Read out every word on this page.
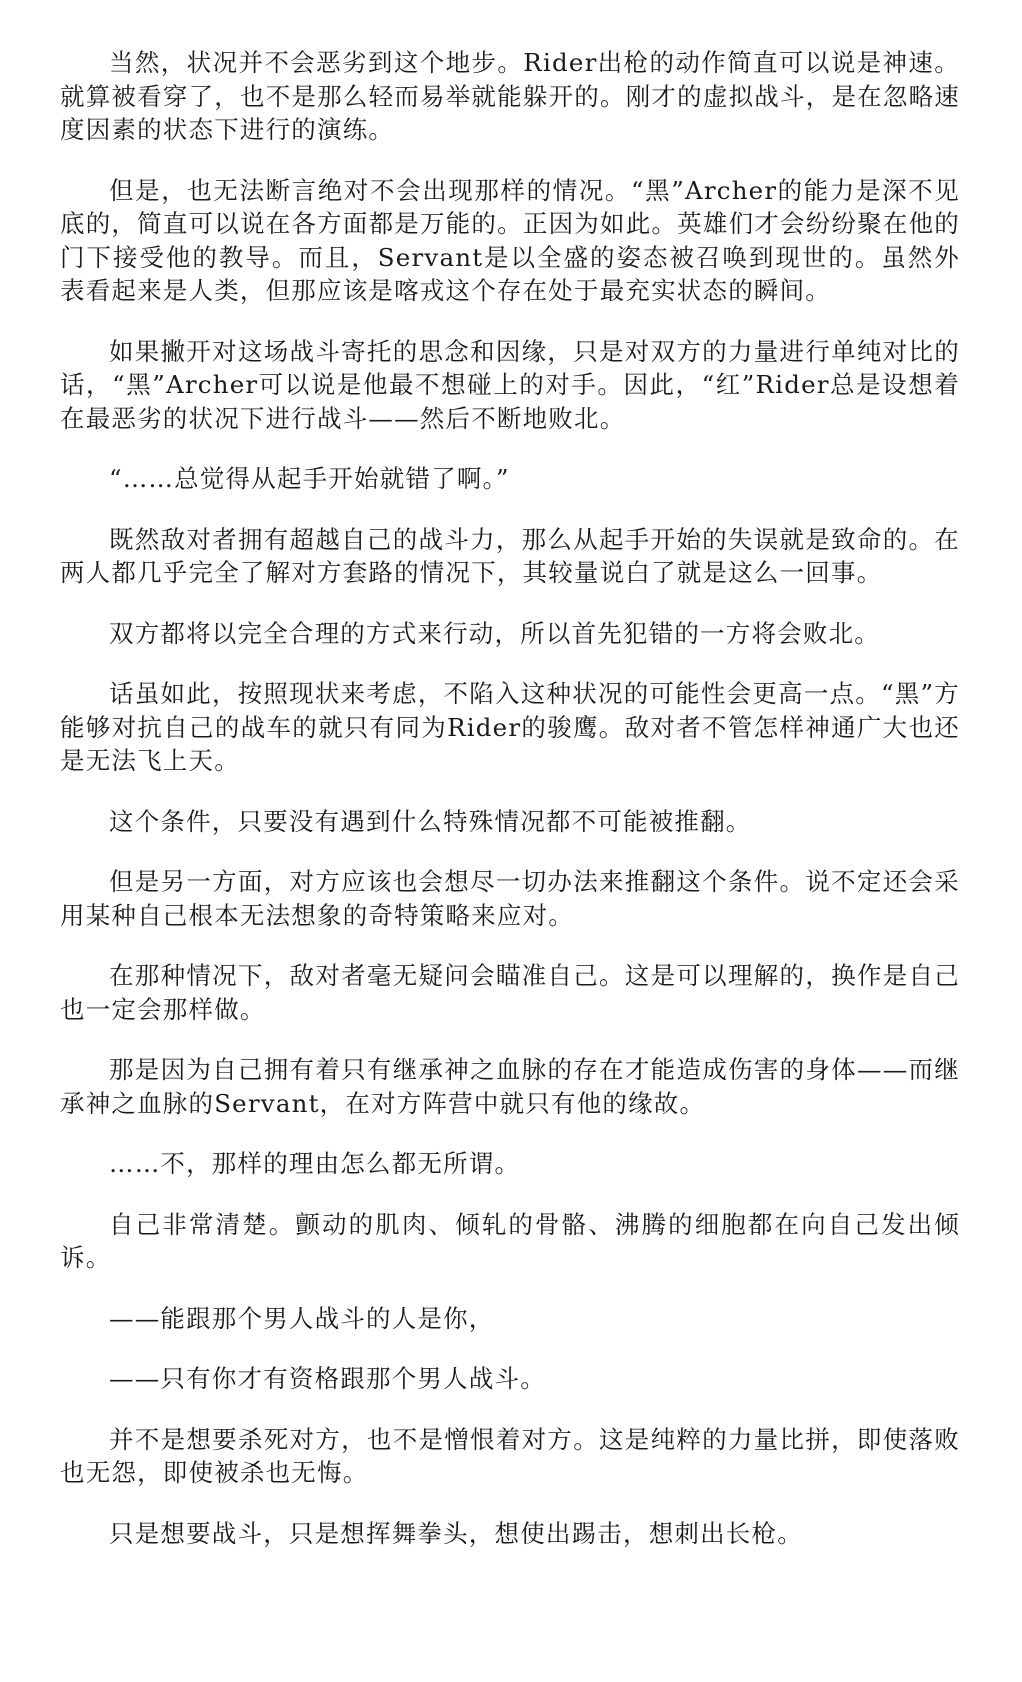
当然，状况并不会恶劣到这个地步。Rider出枪的动作简直可以说是神速。就算被看穿了，也不是那么轻而易举就能躲开的。刚才的虚拟战斗，是在忽略速度因素的状态下进行的演练。

但是，也无法断言绝对不会出现那样的情况。“黑”Archer的能力是深不见底的，简直可以说在各方面都是万能的。正因为如此。英雄们才会纷纷聚在他的门下接受他的教导。而且，Servant是以全盛的姿态被召唤到现世的。虽然外表看起来是人类，但那应该是喀戎这个存在处于最充实状态的瞬间。

如果撇开对这场战斗寄托的思念和因缘，只是对双方的力量进行单纯对比的话，“黑”Archer可以说是他最不想碰上的对手。因此，“红”Rider总是设想着在最恶劣的状况下进行战斗——然后不断地败北。

“……总觉得从起手开始就错了啊。”

既然敌对者拥有超越自己的战斗力，那么从起手开始的失误就是致命的。在两人都几乎完全了解对方套路的情况下，其较量说白了就是这么一回事。

双方都将以完全合理的方式来行动，所以首先犯错的一方将会败北。

话虽如此，按照现状来考虑，不陷入这种状况的可能性会更高一点。“黑”方能够对抗自己的战车的就只有同为Rider的骏鹰。敌对者不管怎样神通广大也还是无法飞上天。

这个条件，只要没有遇到什么特殊情况都不可能被推翻。

但是另一方面，对方应该也会想尽一切办法来推翻这个条件。说不定还会采用某种自己根本无法想象的奇特策略来应对。

在那种情况下，敌对者毫无疑问会瞄准自己。这是可以理解的，换作是自己也一定会那样做。

那是因为自己拥有着只有继承神之血脉的存在才能造成伤害的身体——而继承神之血脉的Servant，在对方阵营中就只有他的缘故。

……不，那样的理由怎么都无所谓。

自己非常清楚。颤动的肌肉、倾轧的骨骼、沸腾的细胞都在向自己发出倾诉。

——能跟那个男人战斗的人是你，

——只有你才有资格跟那个男人战斗。

并不是想要杀死对方，也不是憎恨着对方。这是纯粹的力量比拼，即使落败也无怨，即使被杀也无悔。

只是想要战斗，只是想挥舞拳头，想使出踢击，想刺出长枪。
